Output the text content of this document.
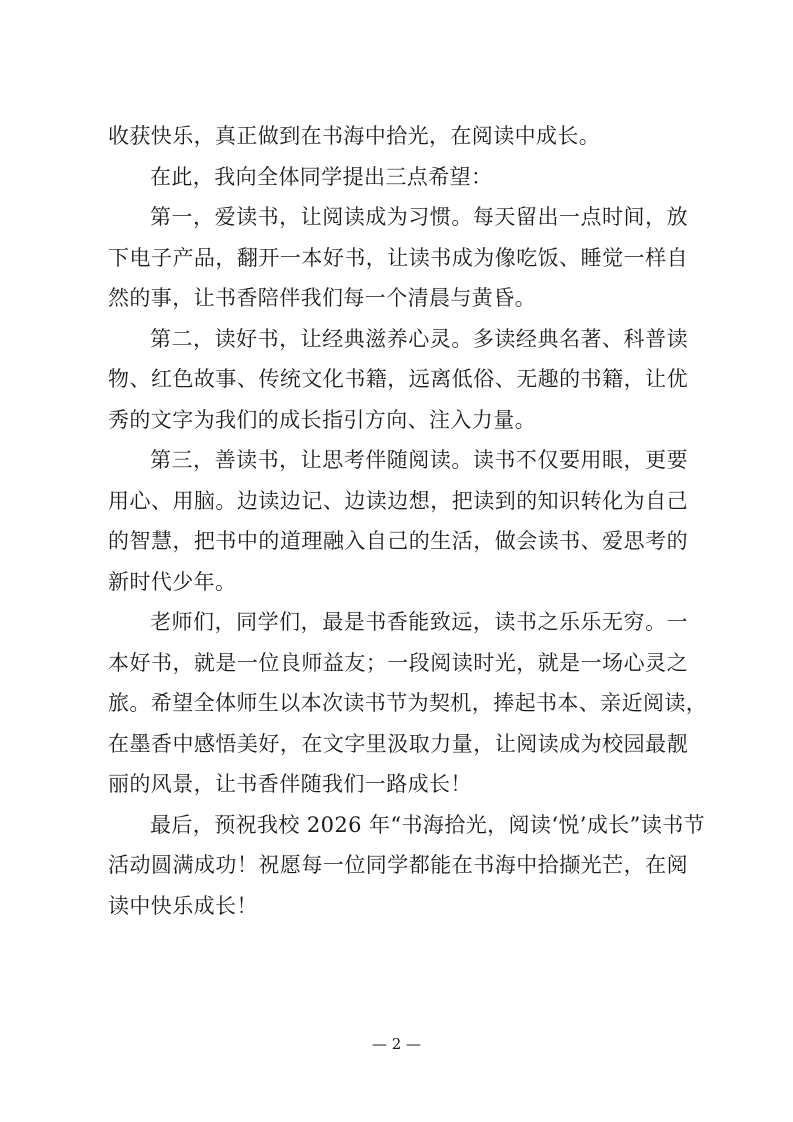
收获快乐，真正做到在书海中拾光，在阅读中成长。
在此，我向全体同学提出三点希望：
第一，爱读书，让阅读成为习惯。每天留出一点时间，放
下电子产品，翻开一本好书，让读书成为像吃饭、睡觉一样自
然的事，让书香陪伴我们每一个清晨与黄昏。
第二，读好书，让经典滋养心灵。多读经典名著、科普读
物、红色故事、传统文化书籍，远离低俗、无趣的书籍，让优
秀的文字为我们的成长指引方向、注入力量。
第三，善读书，让思考伴随阅读。读书不仅要用眼，更要
用心、用脑。边读边记、边读边想，把读到的知识转化为自己
的智慧，把书中的道理融入自己的生活，做会读书、爱思考的
新时代少年。
老师们，同学们，最是书香能致远，读书之乐乐无穷。一
本好书，就是一位良师益友；一段阅读时光，就是一场心灵之
旅。希望全体师生以本次读书节为契机，捧起书本、亲近阅读，
在墨香中感悟美好，在文字里汲取力量，让阅读成为校园最靓
丽的风景，让书香伴随我们一路成长！
最后，预祝我校 2026 年“书海拾光，阅读‘悦’成长”读书节
活动圆满成功！祝愿每一位同学都能在书海中拾撷光芒，在阅
读中快乐成长！
— 2 —
